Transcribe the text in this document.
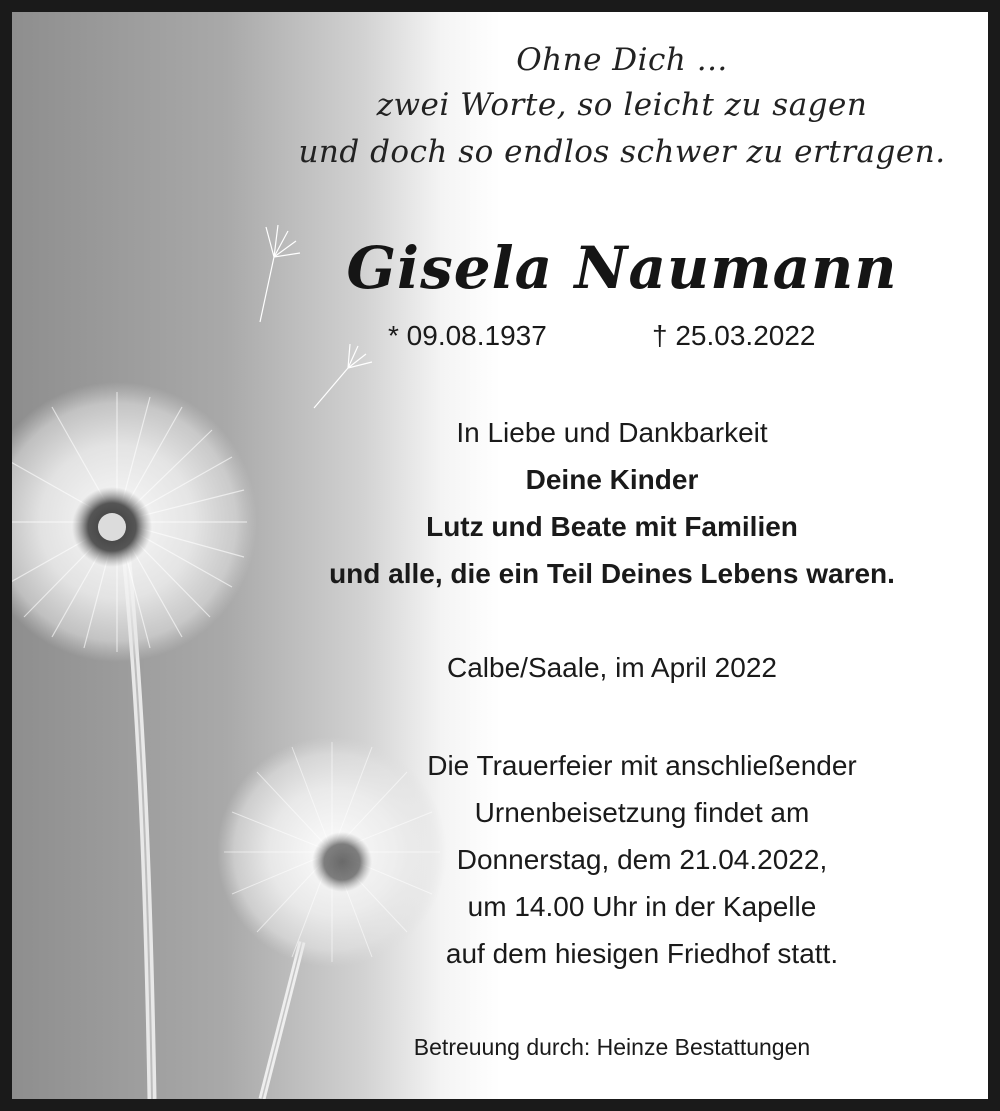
Ohne Dich ...
zwei Worte, so leicht zu sagen
und doch so endlos schwer zu ertragen.
Gisela Naumann
* 09.08.1937	† 25.03.2022
In Liebe und Dankbarkeit
Deine Kinder
Lutz und Beate mit Familien
und alle, die ein Teil Deines Lebens waren.
Calbe/Saale, im April 2022
Die Trauerfeier mit anschließender
Urnenbeisetzung findet am
Donnerstag, dem 21.04.2022,
um 14.00 Uhr in der Kapelle
auf dem hiesigen Friedhof statt.
Betreuung durch: Heinze Bestattungen
